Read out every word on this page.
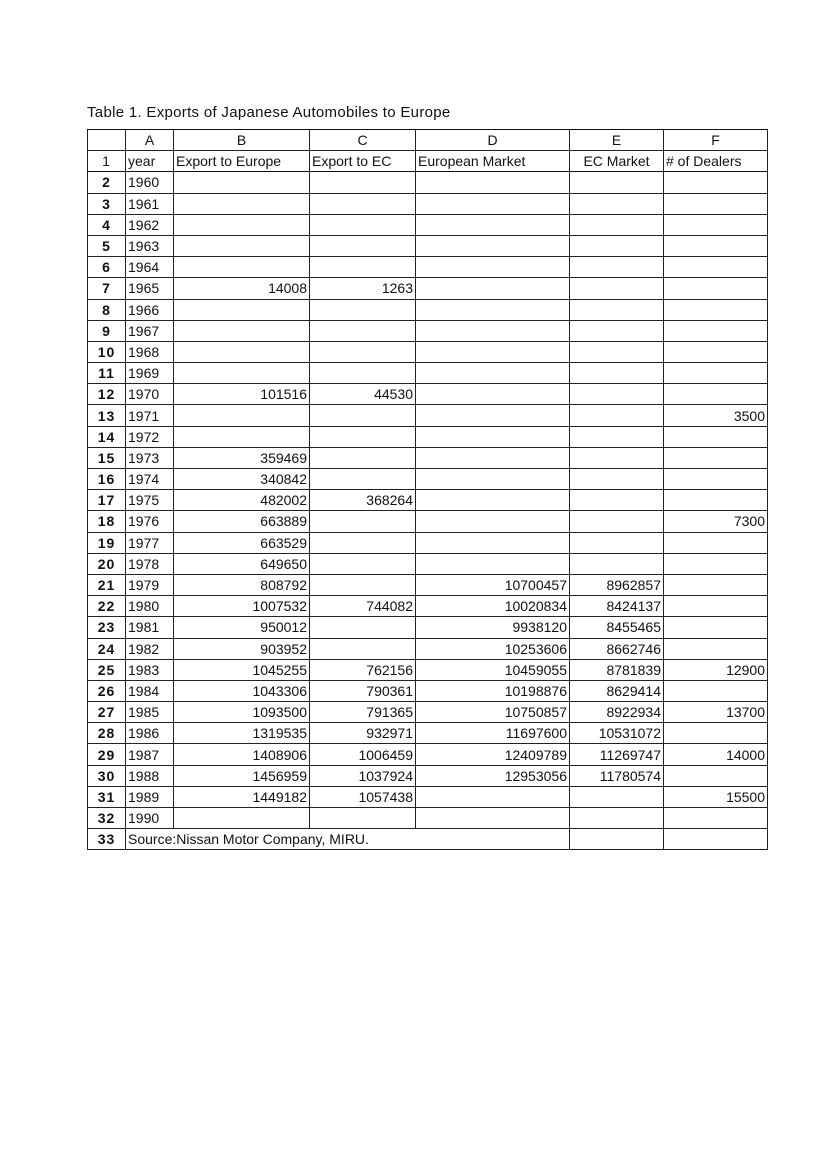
Table 1. Exports of Japanese Automobiles to Europe
	A	B	C	D	E	F
1	year	Export to Europe	Export to EC	European Market	EC Market	# of Dealers
2	1960					
3	1961					
4	1962					
5	1963					
6	1964					
7	1965	14008	1263			
8	1966					
9	1967					
10	1968					
11	1969					
12	1970	101516	44530			
13	1971					3500
14	1972					
15	1973	359469				
16	1974	340842				
17	1975	482002	368264			
18	1976	663889				7300
19	1977	663529				
20	1978	649650				
21	1979	808792		10700457	8962857	
22	1980	1007532	744082	10020834	8424137	
23	1981	950012		9938120	8455465	
24	1982	903952		10253606	8662746	
25	1983	1045255	762156	10459055	8781839	12900
26	1984	1043306	790361	10198876	8629414	
27	1985	1093500	791365	10750857	8922934	13700
28	1986	1319535	932971	11697600	10531072	
29	1987	1408906	1006459	12409789	11269747	14000
30	1988	1456959	1037924	12953056	11780574	
31	1989	1449182	1057438			15500
32	1990					
33	Source:Nissan Motor Company, MIRU.					
